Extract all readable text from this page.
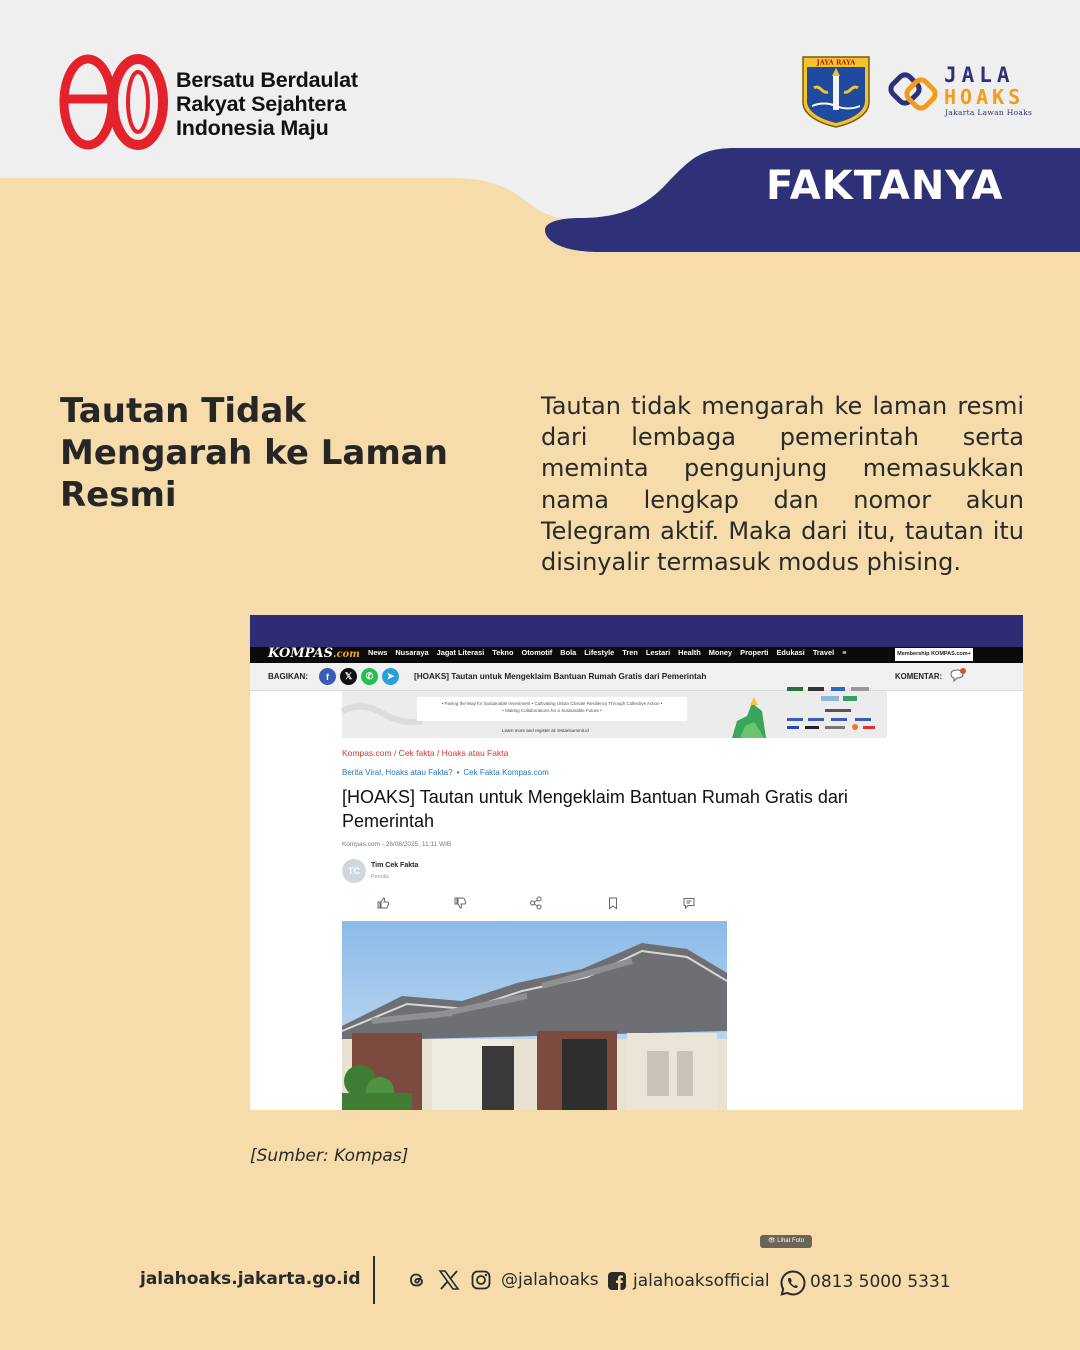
Bersatu Berdaulat
Rakyat Sejahtera
Indonesia Maju
JAYA RAYA
JALA
HOAKS
Jakarta Lawan Hoaks
FAKTANYA
Tautan Tidak Mengarah ke Laman Resmi
Tautan tidak mengarah ke laman resmi dari lembaga pemerintah serta meminta pengunjung memasukkan nama lengkap dan nomor akun Telegram aktif. Maka dari itu, tautan itu disinyalir termasuk modus phising.
KOMPAS.com News Nusaraya Jagat Literasi Tekno Otomotif Bola Lifestyle Tren Lestari Health Money Properti Edukasi Travel ≡	Membership KOMPAS.com+
BAGIKAN:	f	𝕏	✆	➤	[HOAKS] Tautan untuk Mengeklaim Bantuan Rumah Gratis dari Pemerintah	KOMENTAR:
• Paving the Way for Sustainable Investment • Cultivating Urban Climate Resiliency Through Collective Action •
• Making Collaborations for a Sustainable Future •
Learn more and register at: lestarisummit.id
Kompas.com / Cek fakta / Hoaks atau Fakta
Berita Viral, Hoaks atau Fakta? • Cek Fakta Kompas.com
[HOAKS] Tautan untuk Mengeklaim Bantuan Rumah Gratis dari Pemerintah
Kompas.com - 26/08/2025, 11:11 WIB
TC
Tim Cek Fakta
Penulis
👁 Lihat Foto
[Sumber: Kompas]
jalahoaks.jakarta.go.id	@jalahoaks jalahoaksofficial 0813 5000 5331
